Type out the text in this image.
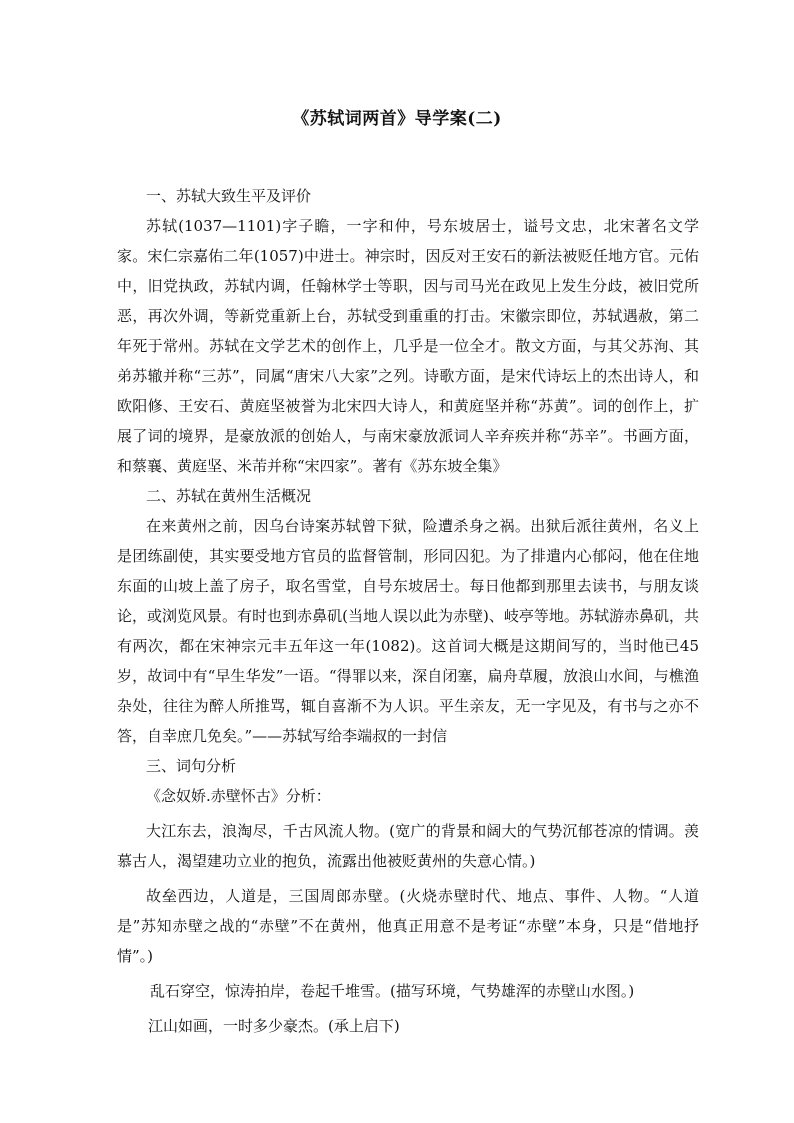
《苏轼词两首》导学案(二)

一、苏轼大致生平及评价

苏轼(1037—1101)字子瞻，一字和仲，号东坡居士，谥号文忠，北宋著名文学家。宋仁宗嘉佑二年(1057)中进士。神宗时，因反对王安石的新法被贬任地方官。元佑中，旧党执政，苏轼内调，任翰林学士等职，因与司马光在政见上发生分歧，被旧党所恶，再次外调，等新党重新上台，苏轼受到重重的打击。宋徽宗即位，苏轼遇赦，第二年死于常州。苏轼在文学艺术的创作上，几乎是一位全才。散文方面，与其父苏洵、其弟苏辙并称“三苏”，同属“唐宋八大家”之列。诗歌方面，是宋代诗坛上的杰出诗人，和欧阳修、王安石、黄庭坚被誉为北宋四大诗人，和黄庭坚并称“苏黄”。词的创作上，扩展了词的境界，是豪放派的创始人，与南宋豪放派词人辛弃疾并称“苏辛”。书画方面，和蔡襄、黄庭坚、米芾并称“宋四家”。著有《苏东坡全集》

二、苏轼在黄州生活概况

在来黄州之前，因乌台诗案苏轼曾下狱，险遭杀身之祸。出狱后派往黄州，名义上是团练副使，其实要受地方官员的监督管制，形同囚犯。为了排遣内心郁闷，他在住地东面的山坡上盖了房子，取名雪堂，自号东坡居士。每日他都到那里去读书，与朋友谈论，或浏览风景。有时也到赤鼻矶(当地人误以此为赤壁)、岐亭等地。苏轼游赤鼻矶，共有两次，都在宋神宗元丰五年这一年(1082)。这首词大概是这期间写的，当时他已45岁，故词中有“早生华发”一语。“得罪以来，深自闭塞，扁舟草履，放浪山水间，与樵渔杂处，往往为醉人所推骂，辄自喜渐不为人识。平生亲友，无一字见及，有书与之亦不答，自幸庶几免矣。”——苏轼写给李端叔的一封信

三、词句分析

《念奴娇.赤壁怀古》分析：

大江东去，浪淘尽，千古风流人物。(宽广的背景和阔大的气势沉郁苍凉的情调。羡慕古人，渴望建功立业的抱负，流露出他被贬黄州的失意心情。)

故垒西边，人道是，三国周郎赤壁。(火烧赤壁时代、地点、事件、人物。“人道是”苏知赤壁之战的“赤壁”不在黄州，他真正用意不是考证“赤壁”本身，只是“借地抒情”。)

乱石穿空，惊涛拍岸，卷起千堆雪。(描写环境，气势雄浑的赤壁山水图。)

江山如画，一时多少豪杰。(承上启下)
